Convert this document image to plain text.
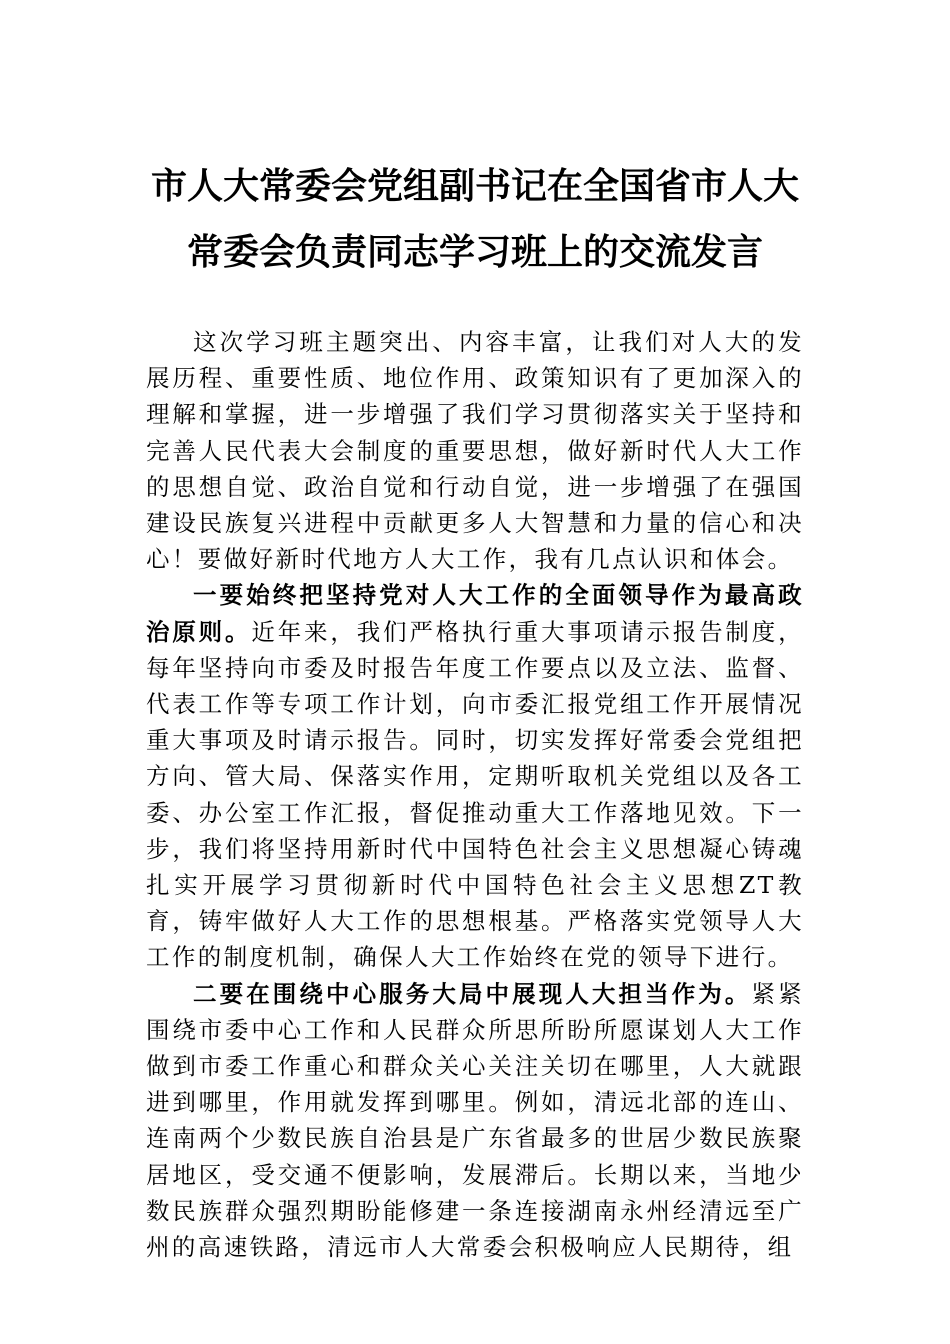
市人大常委会党组副书记在全国省市人大
常委会负责同志学习班上的交流发言

这次学习班主题突出、内容丰富，让我们对人大的发展历程、重要性质、地位作用、政策知识有了更加深入的理解和掌握，进一步增强了我们学习贯彻落实关于坚持和完善人民代表大会制度的重要思想，做好新时代人大工作的思想自觉、政治自觉和行动自觉，进一步增强了在强国建设民族复兴进程中贡献更多人大智慧和力量的信心和决心！要做好新时代地方人大工作，我有几点认识和体会。

一要始终把坚持党对人大工作的全面领导作为最高政治原则。近年来，我们严格执行重大事项请示报告制度，每年坚持向市委及时报告年度工作要点以及立法、监督、代表工作等专项工作计划，向市委汇报党组工作开展情况重大事项及时请示报告。同时，切实发挥好常委会党组把方向、管大局、保落实作用，定期听取机关党组以及各工委、办公室工作汇报，督促推动重大工作落地见效。下一步，我们将坚持用新时代中国特色社会主义思想凝心铸魂扎实开展学习贯彻新时代中国特色社会主义思想ZT教育，铸牢做好人大工作的思想根基。严格落实党领导人大工作的制度机制，确保人大工作始终在党的领导下进行。

二要在围绕中心服务大局中展现人大担当作为。紧紧围绕市委中心工作和人民群众所思所盼所愿谋划人大工作做到市委工作重心和群众关心关注关切在哪里，人大就跟进到哪里，作用就发挥到哪里。例如，清远北部的连山、连南两个少数民族自治县是广东省最多的世居少数民族聚居地区，受交通不便影响，发展滞后。长期以来，当地少数民族群众强烈期盼能修建一条连接湖南永州经清远至广州的高速铁路，清远市人大常委会积极响应人民期待，组
